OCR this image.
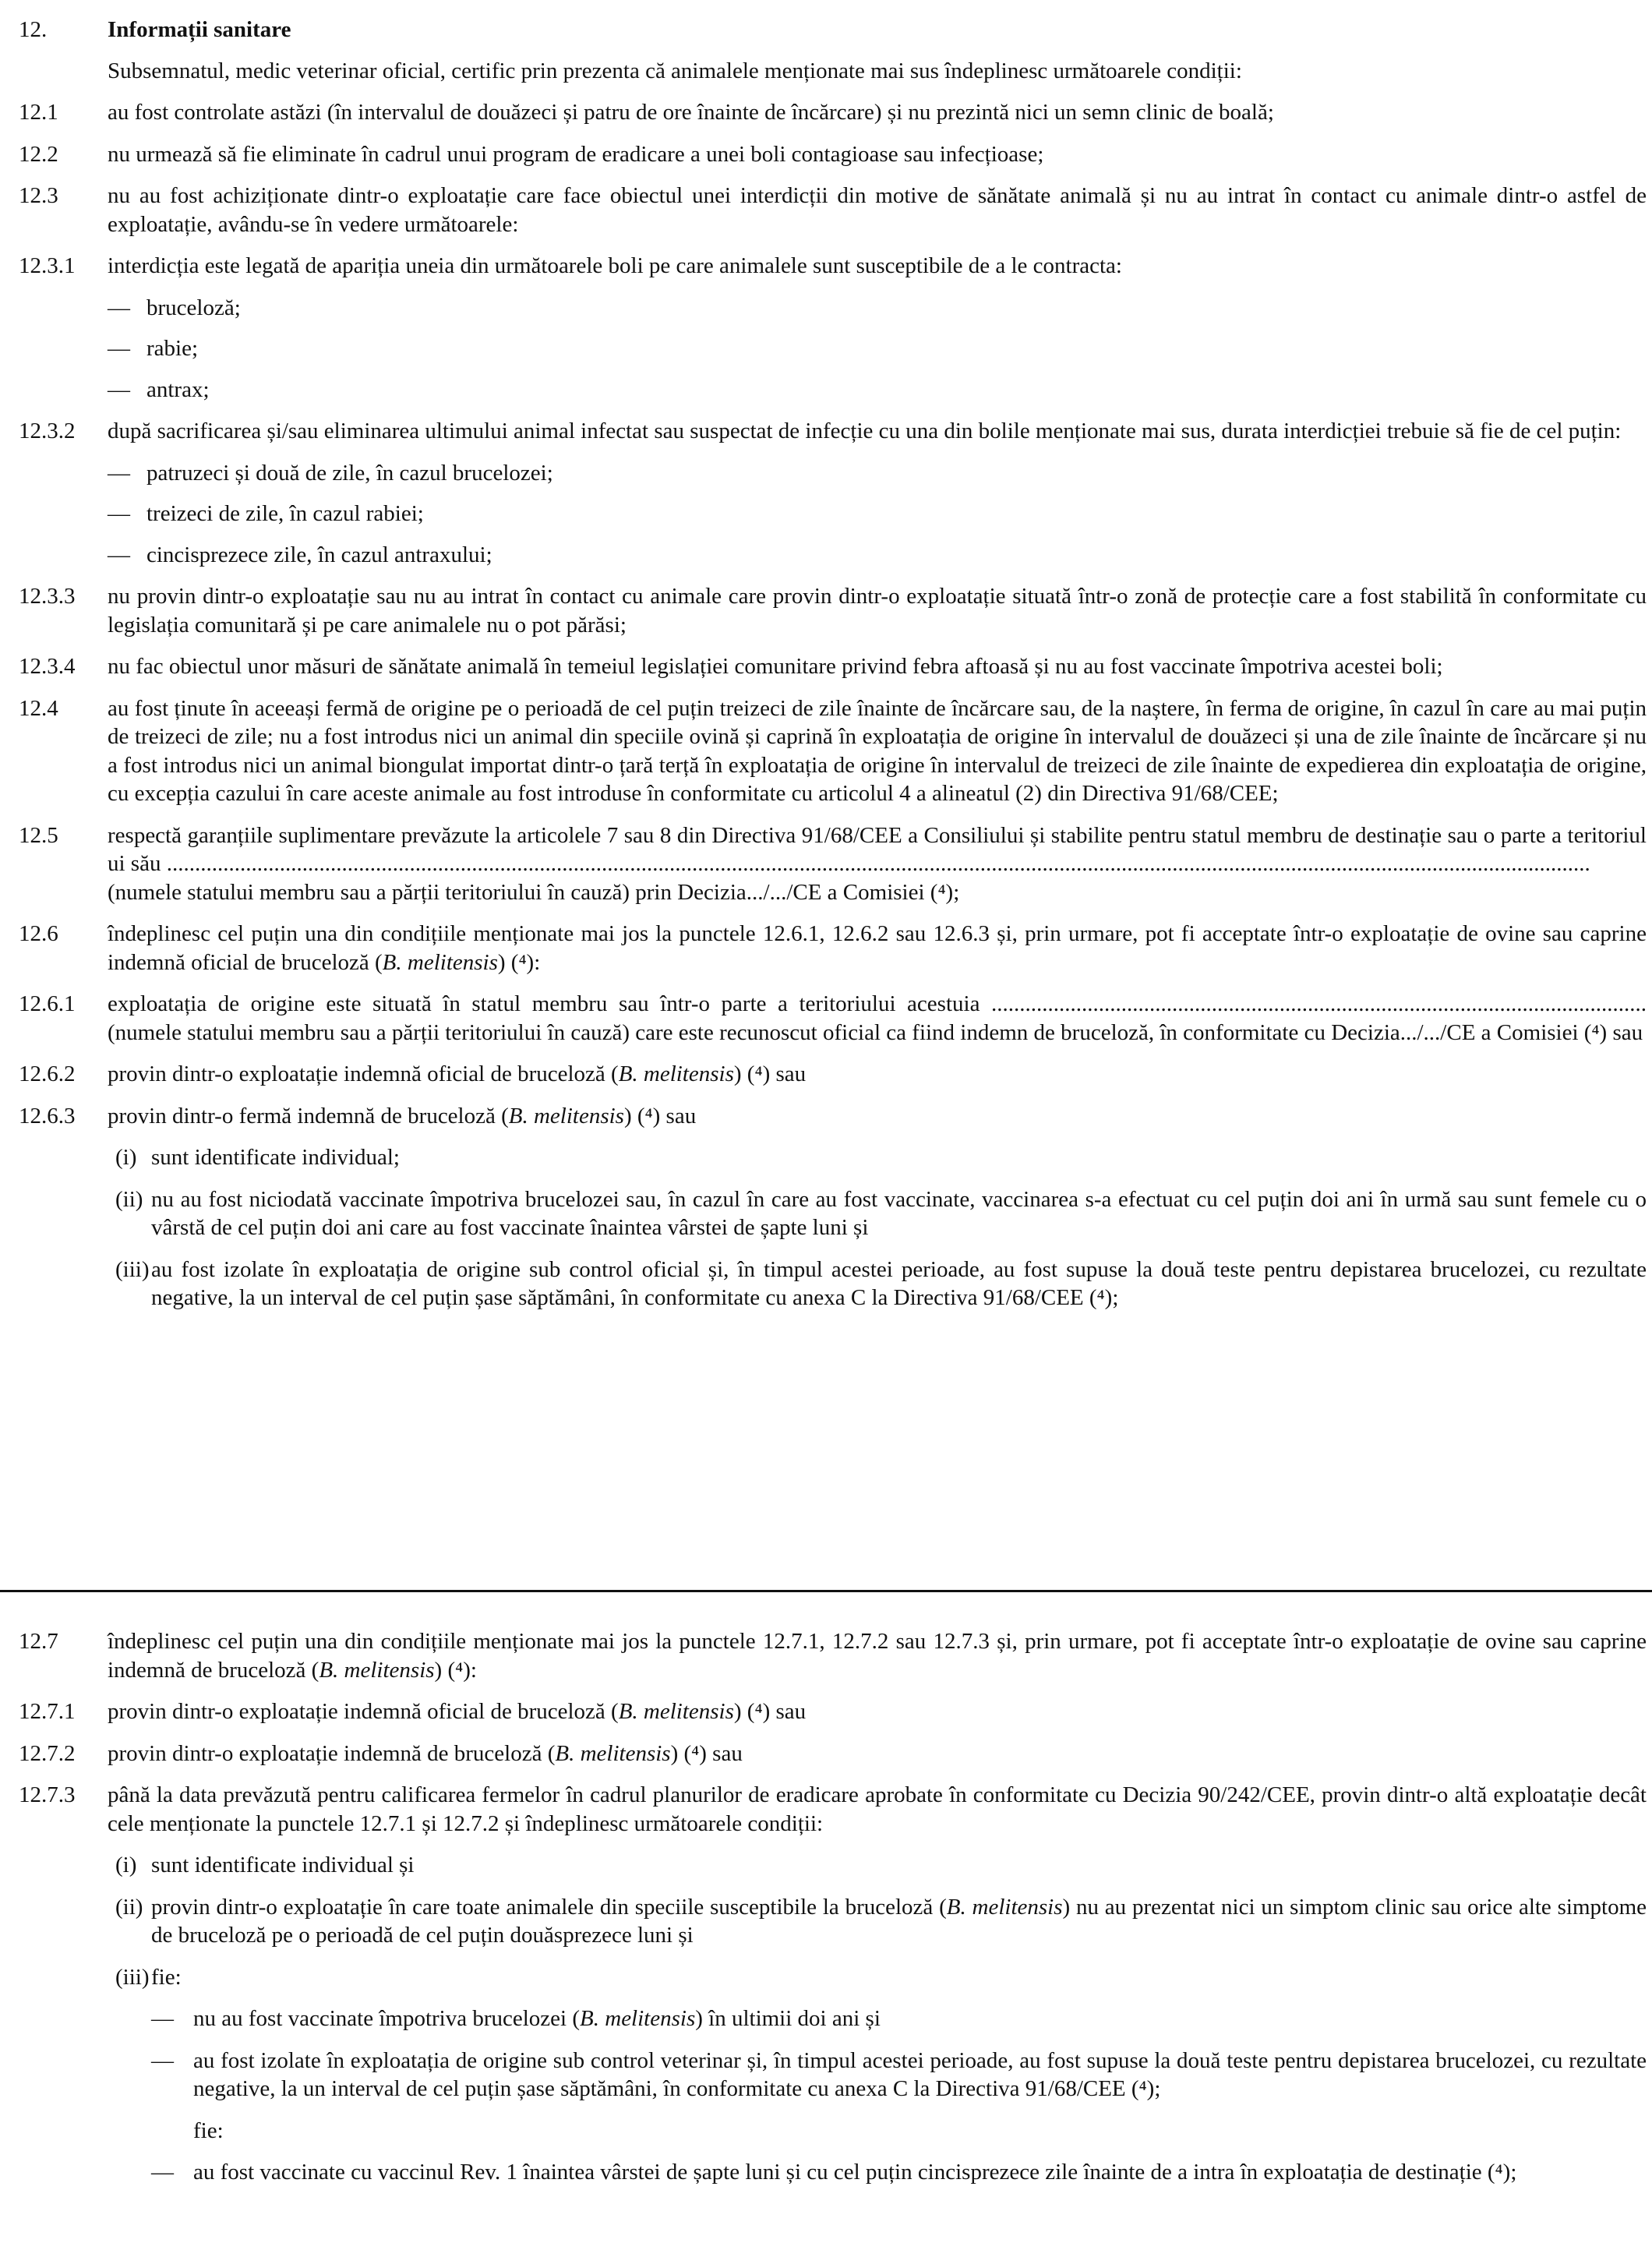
12.	Informații sanitare
Subsemnatul, medic veterinar oficial, certific prin prezenta că animalele menționate mai sus îndeplinesc următoarele condiții:
12.1	au fost controlate astăzi (în intervalul de douăzeci și patru de ore înainte de încărcare) și nu prezintă nici un semn clinic de boală;
12.2	nu urmează să fie eliminate în cadrul unui program de eradicare a unei boli contagioase sau infecțioase;
12.3	nu au fost achiziționate dintr-o exploatație care face obiectul unei interdicții din motive de sănătate animală și nu au intrat în contact cu animale dintr-o astfel de exploatație, avându-se în vedere următoarele:
12.3.1	interdicția este legată de apariția uneia din următoarele boli pe care animalele sunt susceptibile de a le contracta:
— bruceloză;
— rabie;
— antrax;
12.3.2	după sacrificarea și/sau eliminarea ultimului animal infectat sau suspectat de infecție cu una din bolile menționate mai sus, durata interdicției trebuie să fie de cel puțin:
— patruzeci și două de zile, în cazul brucelozei;
— treizeci de zile, în cazul rabiei;
— cincisprezece zile, în cazul antraxului;
12.3.3	nu provin dintr-o exploatație sau nu au intrat în contact cu animale care provin dintr-o exploatație situată într-o zonă de protecție care a fost stabilită în conformitate cu legislația comunitară și pe care animalele nu o pot părăsi;
12.3.4	nu fac obiectul unor măsuri de sănătate animală în temeiul legislației comunitare privind febra aftoasă și nu au fost vaccinate împotriva acestei boli;
12.4	au fost ținute în aceeași fermă de origine pe o perioadă de cel puțin treizeci de zile înainte de încărcare sau, de la naștere, în ferma de origine, în cazul în care au mai puțin de treizeci de zile; nu a fost introdus nici un animal din speciile ovină și caprină în exploatația de origine în intervalul de douăzeci și una de zile înainte de încărcare și nu a fost introdus nici un animal biongulat importat dintr-o țară terță în exploatația de origine în intervalul de treizeci de zile înainte de expedierea din exploatația de origine, cu excepția cazului în care aceste animale au fost introduse în conformitate cu articolul 4 a alineatul (2) din Directiva 91/68/CEE;
12.5	respectă garanțiile suplimentare prevăzute la articolele 7 sau 8 din Directiva 91/68/CEE a Consiliului și stabilite pentru statul membru de destinație sau o parte a teritoriului său ............................................................................................................................................................................................................................................................
(numele statului membru sau a părții teritoriului în cauză) prin Decizia.../.../CE a Comisiei (⁴);
12.6	îndeplinesc cel puțin una din condițiile menționate mai jos la punctele 12.6.1, 12.6.2 sau 12.6.3 și, prin urmare, pot fi acceptate într-o exploatație de ovine sau caprine indemnă oficial de bruceloză (B. melitensis) (⁴):
12.6.1	exploatația de origine este situată în statul membru sau într-o parte a teritoriului acestuia .................................................................................................................... (numele statului membru sau a părții teritoriului în cauză) care este recunoscut oficial ca fiind indemn de bruceloză, în conformitate cu Decizia.../.../CE a Comisiei (⁴) sau
12.6.2	provin dintr-o exploatație indemnă oficial de bruceloză (B. melitensis) (⁴) sau
12.6.3	provin dintr-o fermă indemnă de bruceloză (B. melitensis) (⁴) sau
(i) sunt identificate individual;
(ii) nu au fost niciodată vaccinate împotriva brucelozei sau, în cazul în care au fost vaccinate, vaccinarea s-a efectuat cu cel puțin doi ani în urmă sau sunt femele cu o vârstă de cel puțin doi ani care au fost vaccinate înaintea vârstei de șapte luni și
(iii) au fost izolate în exploatația de origine sub control oficial și, în timpul acestei perioade, au fost supuse la două teste pentru depistarea brucelozei, cu rezultate negative, la un interval de cel puțin șase săptămâni, în conformitate cu anexa C la Directiva 91/68/CEE (⁴);
12.7	îndeplinesc cel puțin una din condițiile menționate mai jos la punctele 12.7.1, 12.7.2 sau 12.7.3 și, prin urmare, pot fi acceptate într-o exploatație de ovine sau caprine indemnă de bruceloză (B. melitensis) (⁴):
12.7.1	provin dintr-o exploatație indemnă oficial de bruceloză (B. melitensis) (⁴) sau
12.7.2	provin dintr-o exploatație indemnă de bruceloză (B. melitensis) (⁴) sau
12.7.3	până la data prevăzută pentru calificarea fermelor în cadrul planurilor de eradicare aprobate în conformitate cu Decizia 90/242/CEE, provin dintr-o altă exploatație decât cele menționate la punctele 12.7.1 și 12.7.2 și îndeplinesc următoarele condiții:
(i) sunt identificate individual și
(ii) provin dintr-o exploatație în care toate animalele din speciile susceptibile la bruceloză (B. melitensis) nu au prezentat nici un simptom clinic sau orice alte simptome de bruceloză pe o perioadă de cel puțin douăsprezece luni și
(iii) fie:
— nu au fost vaccinate împotriva brucelozei (B. melitensis) în ultimii doi ani și
— au fost izolate în exploatația de origine sub control veterinar și, în timpul acestei perioade, au fost supuse la două teste pentru depistarea brucelozei, cu rezultate negative, la un interval de cel puțin șase săptămâni, în conformitate cu anexa C la Directiva 91/68/CEE (⁴);
fie:
— au fost vaccinate cu vaccinul Rev. 1 înaintea vârstei de șapte luni și cu cel puțin cincisprezece zile înainte de a intra în exploatația de destinație (⁴);
